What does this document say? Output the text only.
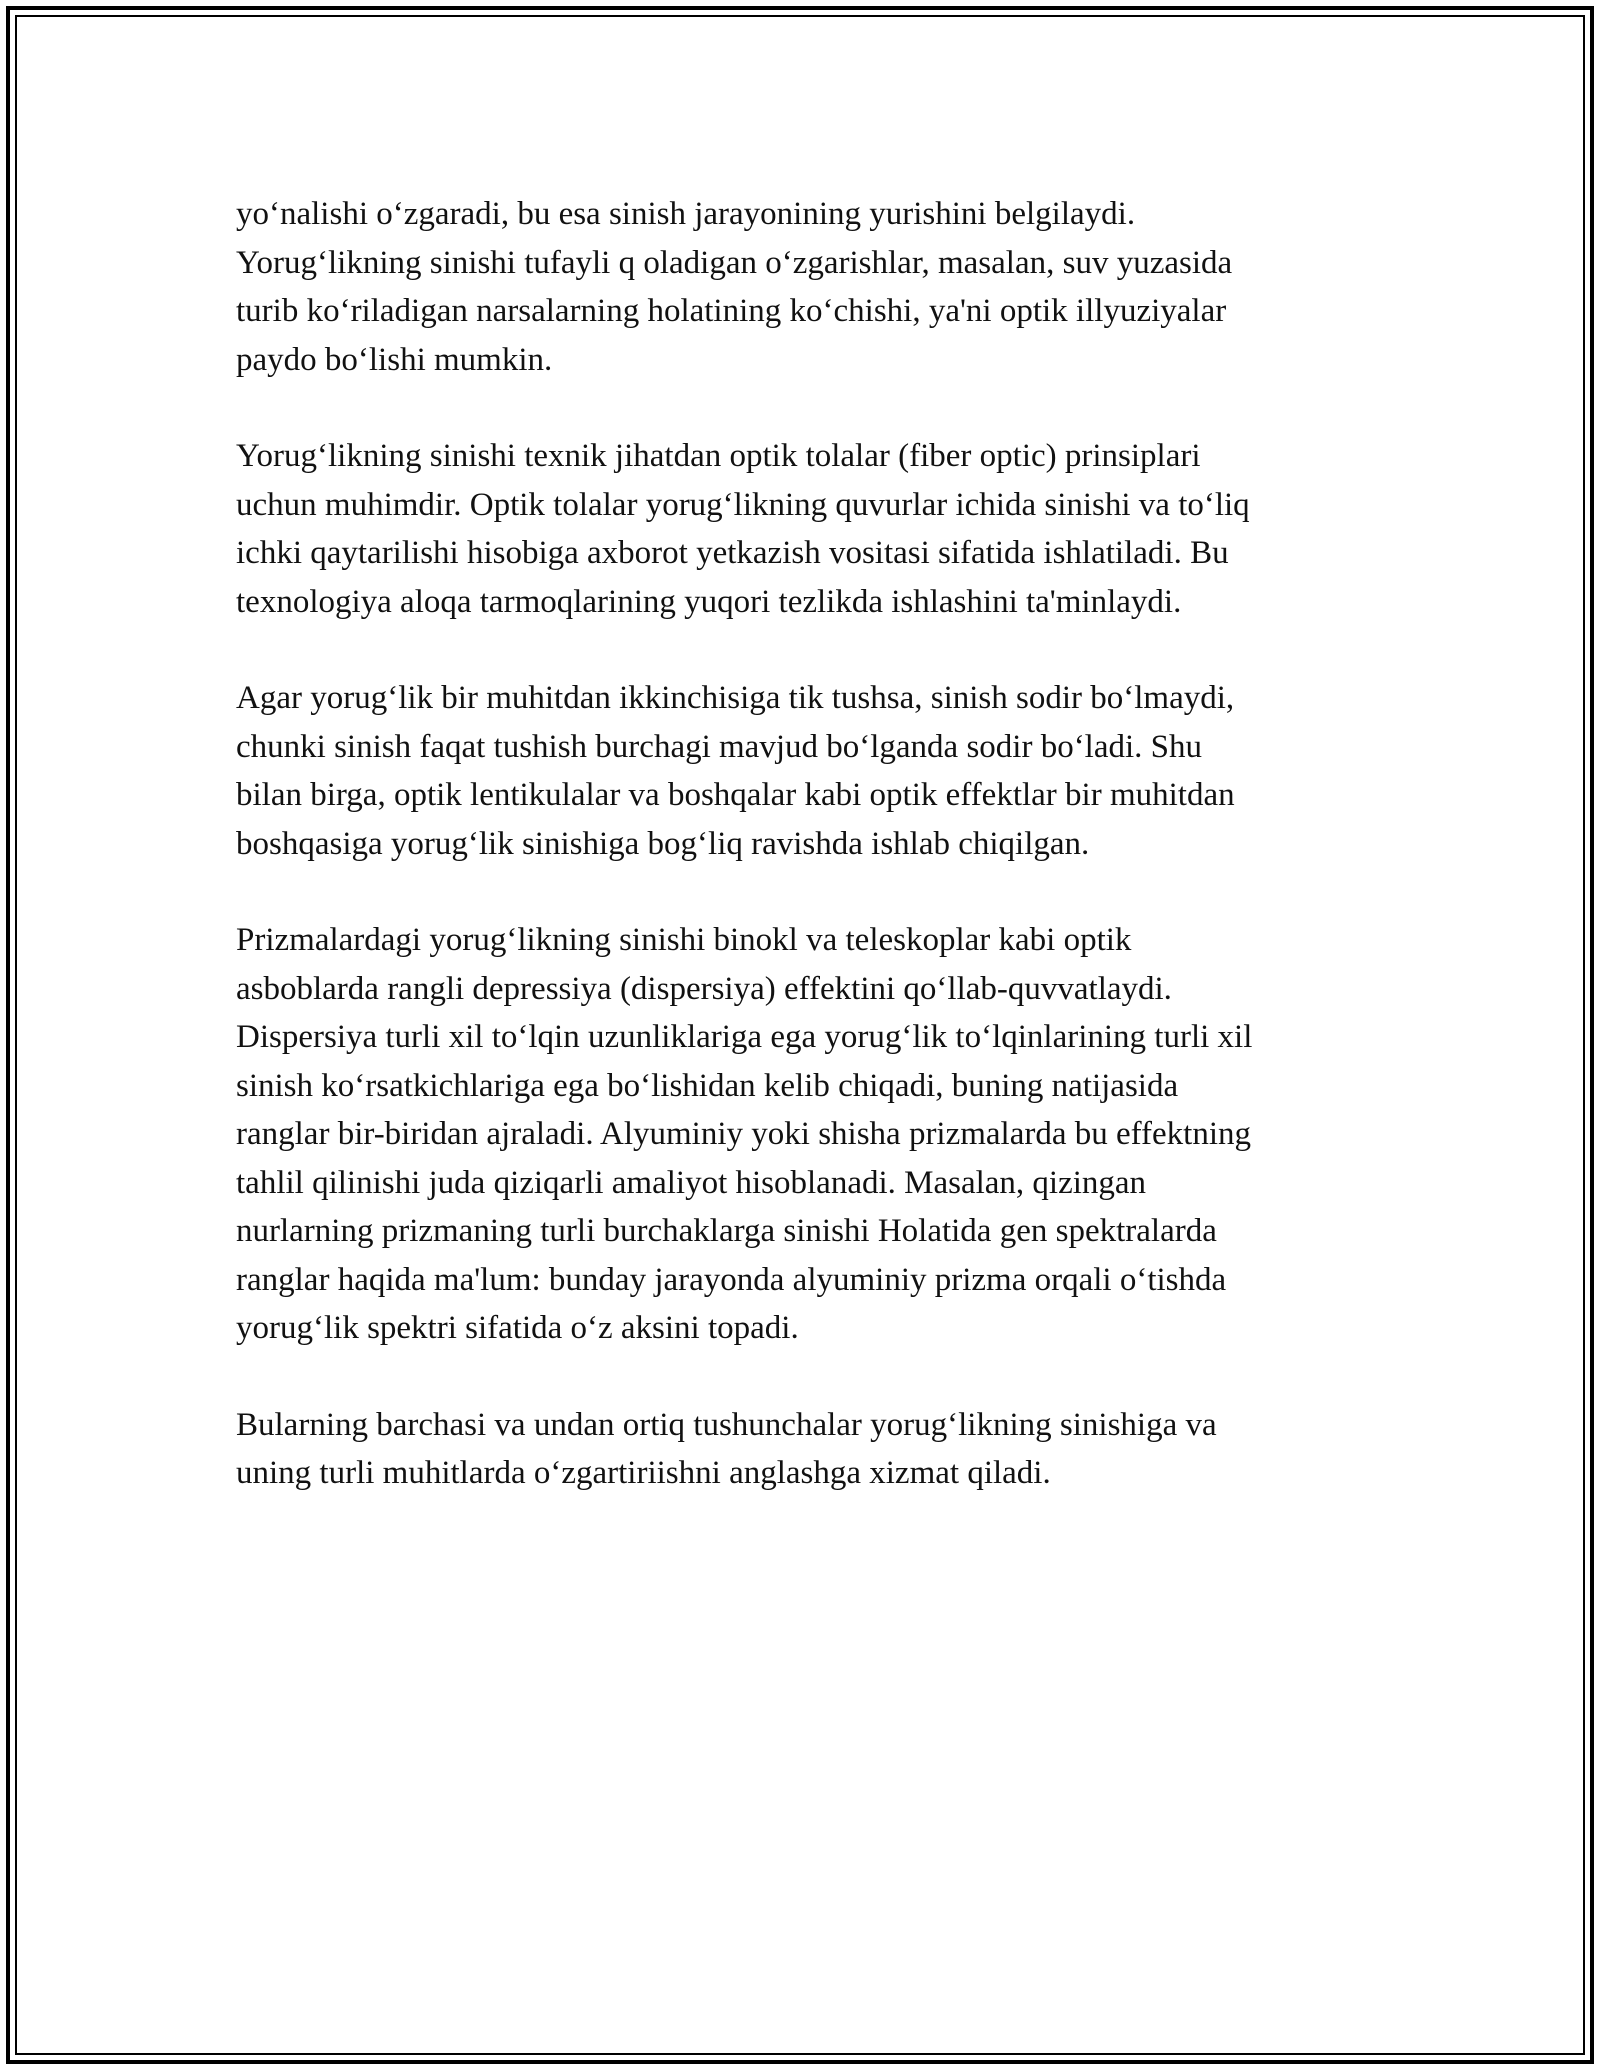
yo‘nalishi o‘zgaradi, bu esa sinish jarayonining yurishini belgilaydi.
Yorug‘likning sinishi tufayli q oladigan o‘zgarishlar, masalan, suv yuzasida
turib ko‘riladigan narsalarning holatining ko‘chishi, ya'ni optik illyuziyalar
paydo bo‘lishi mumkin.

Yorug‘likning sinishi texnik jihatdan optik tolalar (fiber optic) prinsiplari
uchun muhimdir. Optik tolalar yorug‘likning quvurlar ichida sinishi va to‘liq
ichki qaytarilishi hisobiga axborot yetkazish vositasi sifatida ishlatiladi. Bu
texnologiya aloqa tarmoqlarining yuqori tezlikda ishlashini ta'minlaydi.

Agar yorug‘lik bir muhitdan ikkinchisiga tik tushsa, sinish sodir bo‘lmaydi,
chunki sinish faqat tushish burchagi mavjud bo‘lganda sodir bo‘ladi. Shu
bilan birga, optik lentikulalar va boshqalar kabi optik effektlar bir muhitdan
boshqasiga yorug‘lik sinishiga bog‘liq ravishda ishlab chiqilgan.

Prizmalardagi yorug‘likning sinishi binokl va teleskoplar kabi optik
asboblarda rangli depressiya (dispersiya) effektini qo‘llab-quvvatlaydi.
Dispersiya turli xil to‘lqin uzunliklariga ega yorug‘lik to‘lqinlarining turli xil
sinish ko‘rsatkichlariga ega bo‘lishidan kelib chiqadi, buning natijasida
ranglar bir-biridan ajraladi. Alyuminiy yoki shisha prizmalarda bu effektning
tahlil qilinishi juda qiziqarli amaliyot hisoblanadi. Masalan, qizingan
nurlarning prizmaning turli burchaklarga sinishi Holatida gen spektralarda
ranglar haqida ma'lum: bunday jarayonda alyuminiy prizma orqali o‘tishda
yorug‘lik spektri sifatida o‘z aksini topadi.

Bularning barchasi va undan ortiq tushunchalar yorug‘likning sinishiga va
uning turli muhitlarda o‘zgartiriishni anglashga xizmat qiladi.
